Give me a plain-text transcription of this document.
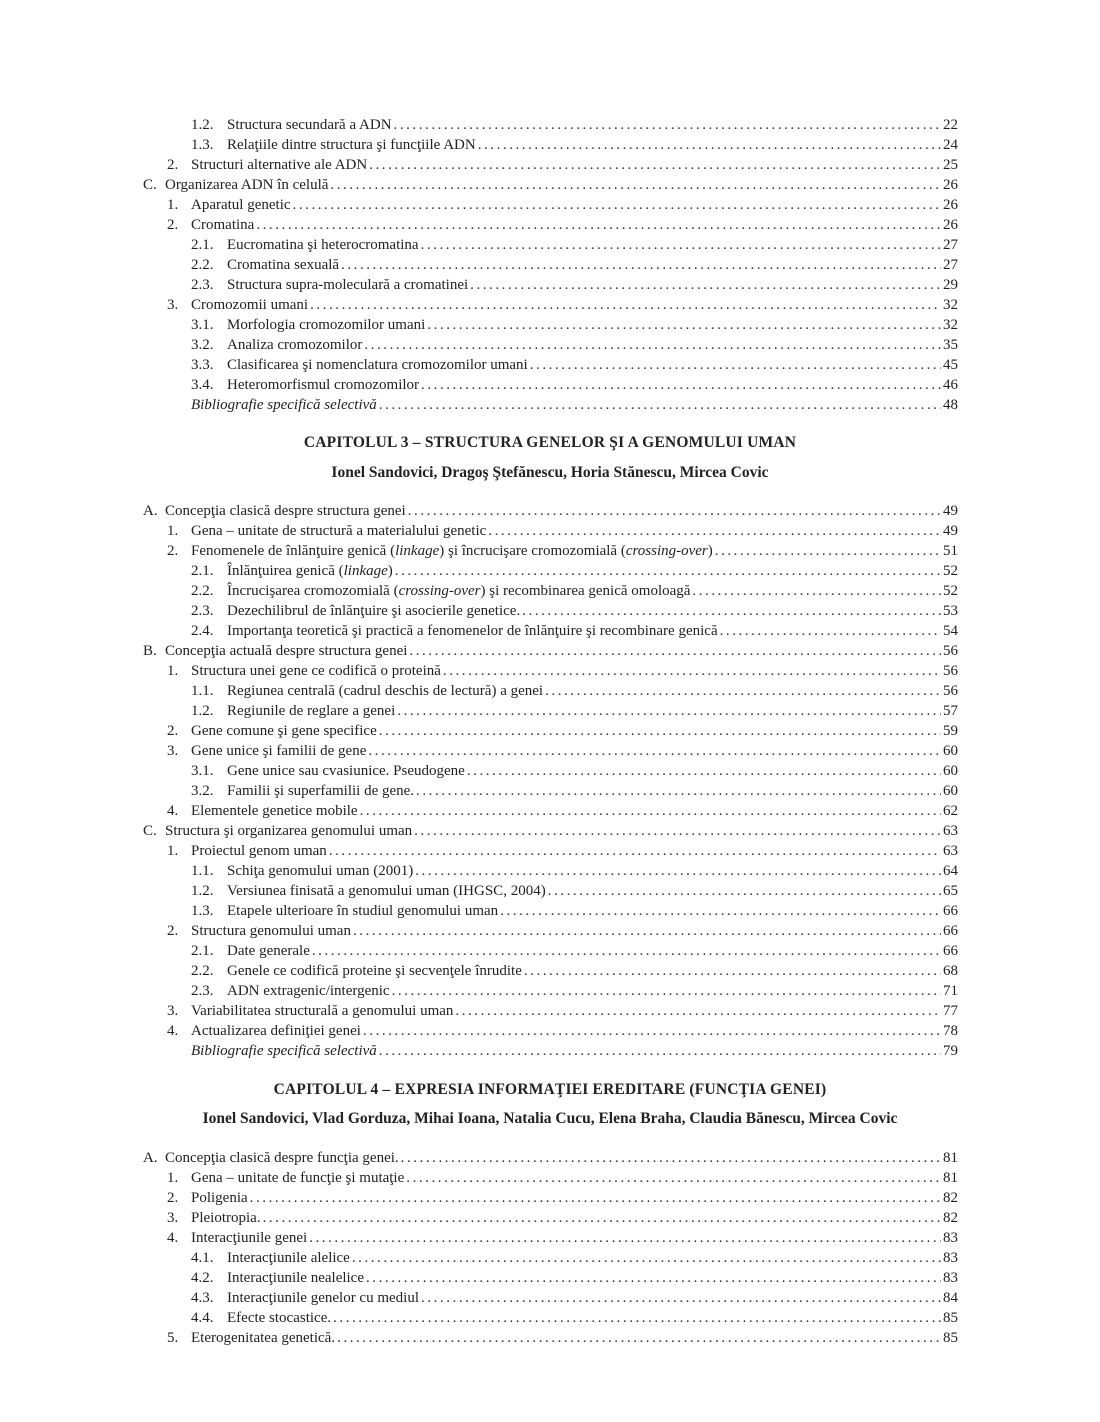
1.2. Structura secundară a ADN . . .	22
1.3. Relaţiile dintre structura şi funcţiile ADN . . .	24
2. Structuri alternative ale ADN . . .	25
C. Organizarea ADN în celulă . . .	26
1. Aparatul genetic . . .	26
2. Cromatina . . .	26
2.1. Eucromatina şi heterocromatina . . .	27
2.2. Cromatina sexuală . . .	27
2.3. Structura supra-moleculară a cromatinei . . .	29
3. Cromozomii umani . . .	32
3.1. Morfologia cromozomilor umani . . .	32
3.2. Analiza cromozomilor . . .	35
3.3. Clasificarea şi nomenclatura cromozomilor umani . . .	45
3.4. Heteromorfismul cromozomilor . . .	46
Bibliografie specifică selectivă . . .	48
CAPITOLUL 3 – STRUCTURA GENELOR ŞI A GENOMULUI UMAN
Ionel Sandovici, Dragoş Ştefănescu, Horia Stănescu, Mircea Covic
A. Concepţia clasică despre structura genei . . .	49
1. Gena – unitate de structură a materialului genetic . . .	49
2. Fenomenele de înlănţuire genică (linkage) şi încrucişare cromozomială (crossing-over) . . .	51
2.1. Înlănţuirea genică (linkage) . . .	52
2.2. Încrucişarea cromozomială (crossing-over) şi recombinarea genică omoloagă . . .	52
2.3. Dezechilibrul de înlănţuire şi asocierile genetice. . . .	53
2.4. Importanţa teoretică şi practică a fenomenelor de înlănţuire şi recombinare genică . . .	54
B. Concepţia actuală despre structura genei . . .	56
1. Structura unei gene ce codifică o proteină . . .	56
1.1. Regiunea centrală (cadrul deschis de lectură) a genei . . .	56
1.2. Regiunile de reglare a genei . . .	57
2. Gene comune şi gene specifice . . .	59
3. Gene unice şi familii de gene . . .	60
3.1. Gene unice sau cvasiunice. Pseudogene . . .	60
3.2. Familii şi superfamilii de gene. . . .	60
4. Elementele genetice mobile . . .	62
C. Structura şi organizarea genomului uman . . .	63
1. Proiectul genom uman . . .	63
1.1. Schiţa genomului uman (2001) . . .	64
1.2. Versiunea finisată a genomului uman (IHGSC, 2004) . . .	65
1.3. Etapele ulterioare în studiul genomului uman . . .	66
2. Structura genomului uman . . .	66
2.1. Date generale . . .	66
2.2. Genele ce codifică proteine şi secvenţele înrudite . . .	68
2.3. ADN extragenic/intergenic . . .	71
3. Variabilitatea structurală a genomului uman . . .	77
4. Actualizarea definiţiei genei . . .	78
Bibliografie specifică selectivă . . .	79
CAPITOLUL 4 – EXPRESIA INFORMAŢIEI EREDITARE (FUNCŢIA GENEI)
Ionel Sandovici, Vlad Gorduza, Mihai Ioana, Natalia Cucu, Elena Braha, Claudia Bănescu, Mircea Covic
A. Concepţia clasică despre funcţia genei. . . .	81
1. Gena – unitate de funcţie şi mutaţie . . .	81
2. Poligenia . . .	82
3. Pleiotropia. . . .	82
4. Interacţiunile genei . . .	83
4.1. Interacţiunile alelice . . .	83
4.2. Interacţiunile nealelice . . .	83
4.3. Interacţiunile genelor cu mediul . . .	84
4.4. Efecte stocastice. . . .	85
5. Eterogenitatea genetică. . . .	85
